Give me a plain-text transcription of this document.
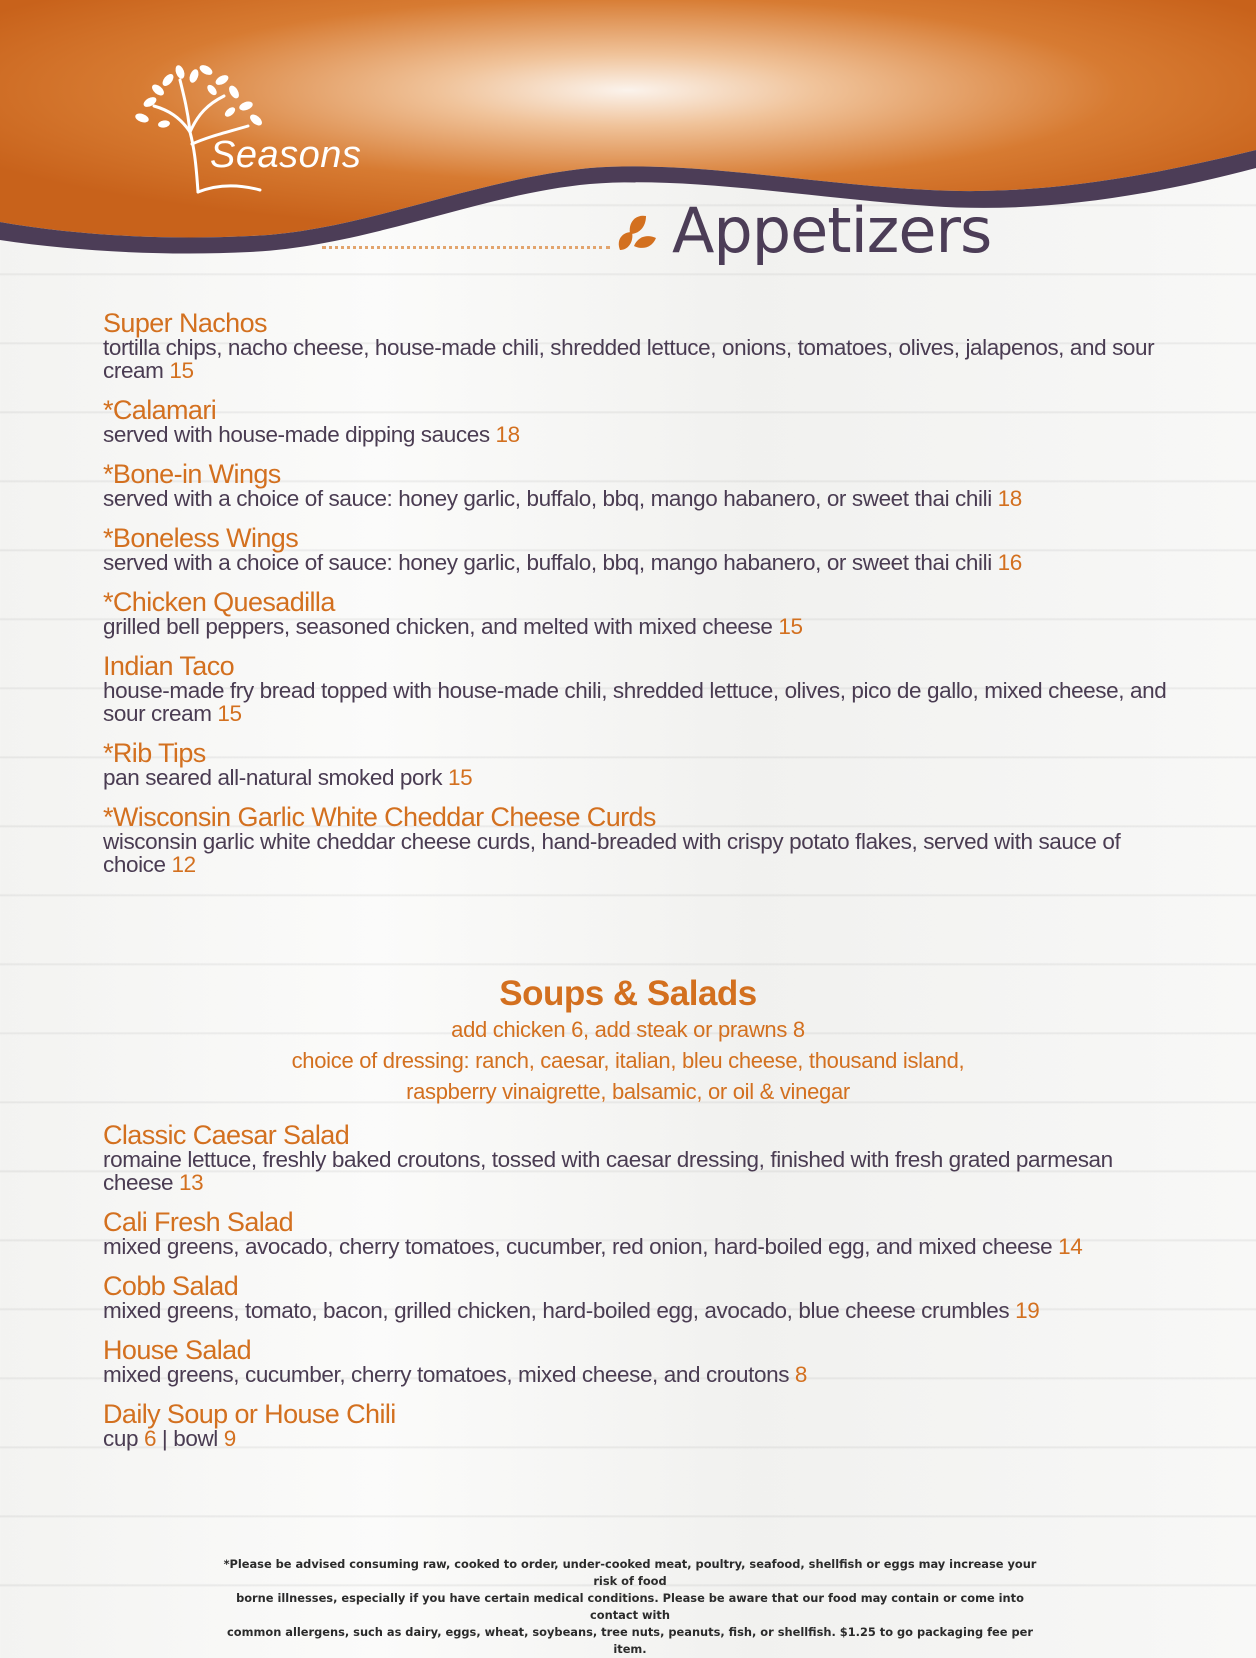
Seasons
Appetizers

Super Nachos

tortilla chips, nacho cheese, house-made chili, shredded lettuce, onions, tomatoes, olives, jalapenos, and sour cream 15

*Calamari

served with house-made dipping sauces 18

*Bone-in Wings

served with a choice of sauce: honey garlic, buffalo, bbq, mango habanero, or sweet thai chili 18

*Boneless Wings

served with a choice of sauce: honey garlic, buffalo, bbq, mango habanero, or sweet thai chili 16

*Chicken Quesadilla

grilled bell peppers, seasoned chicken, and melted with mixed cheese 15

Indian Taco

house-made fry bread topped with house-made chili, shredded lettuce, olives, pico de gallo, mixed cheese, and sour cream 15

*Rib Tips

pan seared all-natural smoked pork 15

*Wisconsin Garlic White Cheddar Cheese Curds

wisconsin garlic white cheddar cheese curds, hand-breaded with crispy potato flakes, served with sauce of choice 12

Soups & Salads

add chicken 6, add steak or prawns 8

choice of dressing: ranch, caesar, italian, bleu cheese, thousand island,

raspberry vinaigrette, balsamic, or oil & vinegar

Classic Caesar Salad

romaine lettuce, freshly baked croutons, tossed with caesar dressing, finished with fresh grated parmesan cheese 13

Cali Fresh Salad

mixed greens, avocado, cherry tomatoes, cucumber, red onion, hard-boiled egg, and mixed cheese 14

Cobb Salad

mixed greens, tomato, bacon, grilled chicken, hard-boiled egg, avocado, blue cheese crumbles 19

House Salad

mixed greens, cucumber, cherry tomatoes, mixed cheese, and croutons 8

Daily Soup or House Chili

cup 6 | bowl 9

*Please be advised consuming raw, cooked to order, under-cooked meat, poultry, seafood, shellfish or eggs may increase your risk of food
borne illnesses, especially if you have certain medical conditions. Please be aware that our food may contain or come into contact with
common allergens, such as dairy, eggs, wheat, soybeans, tree nuts, peanuts, fish, or shellfish. $1.25 to go packaging fee per item.
